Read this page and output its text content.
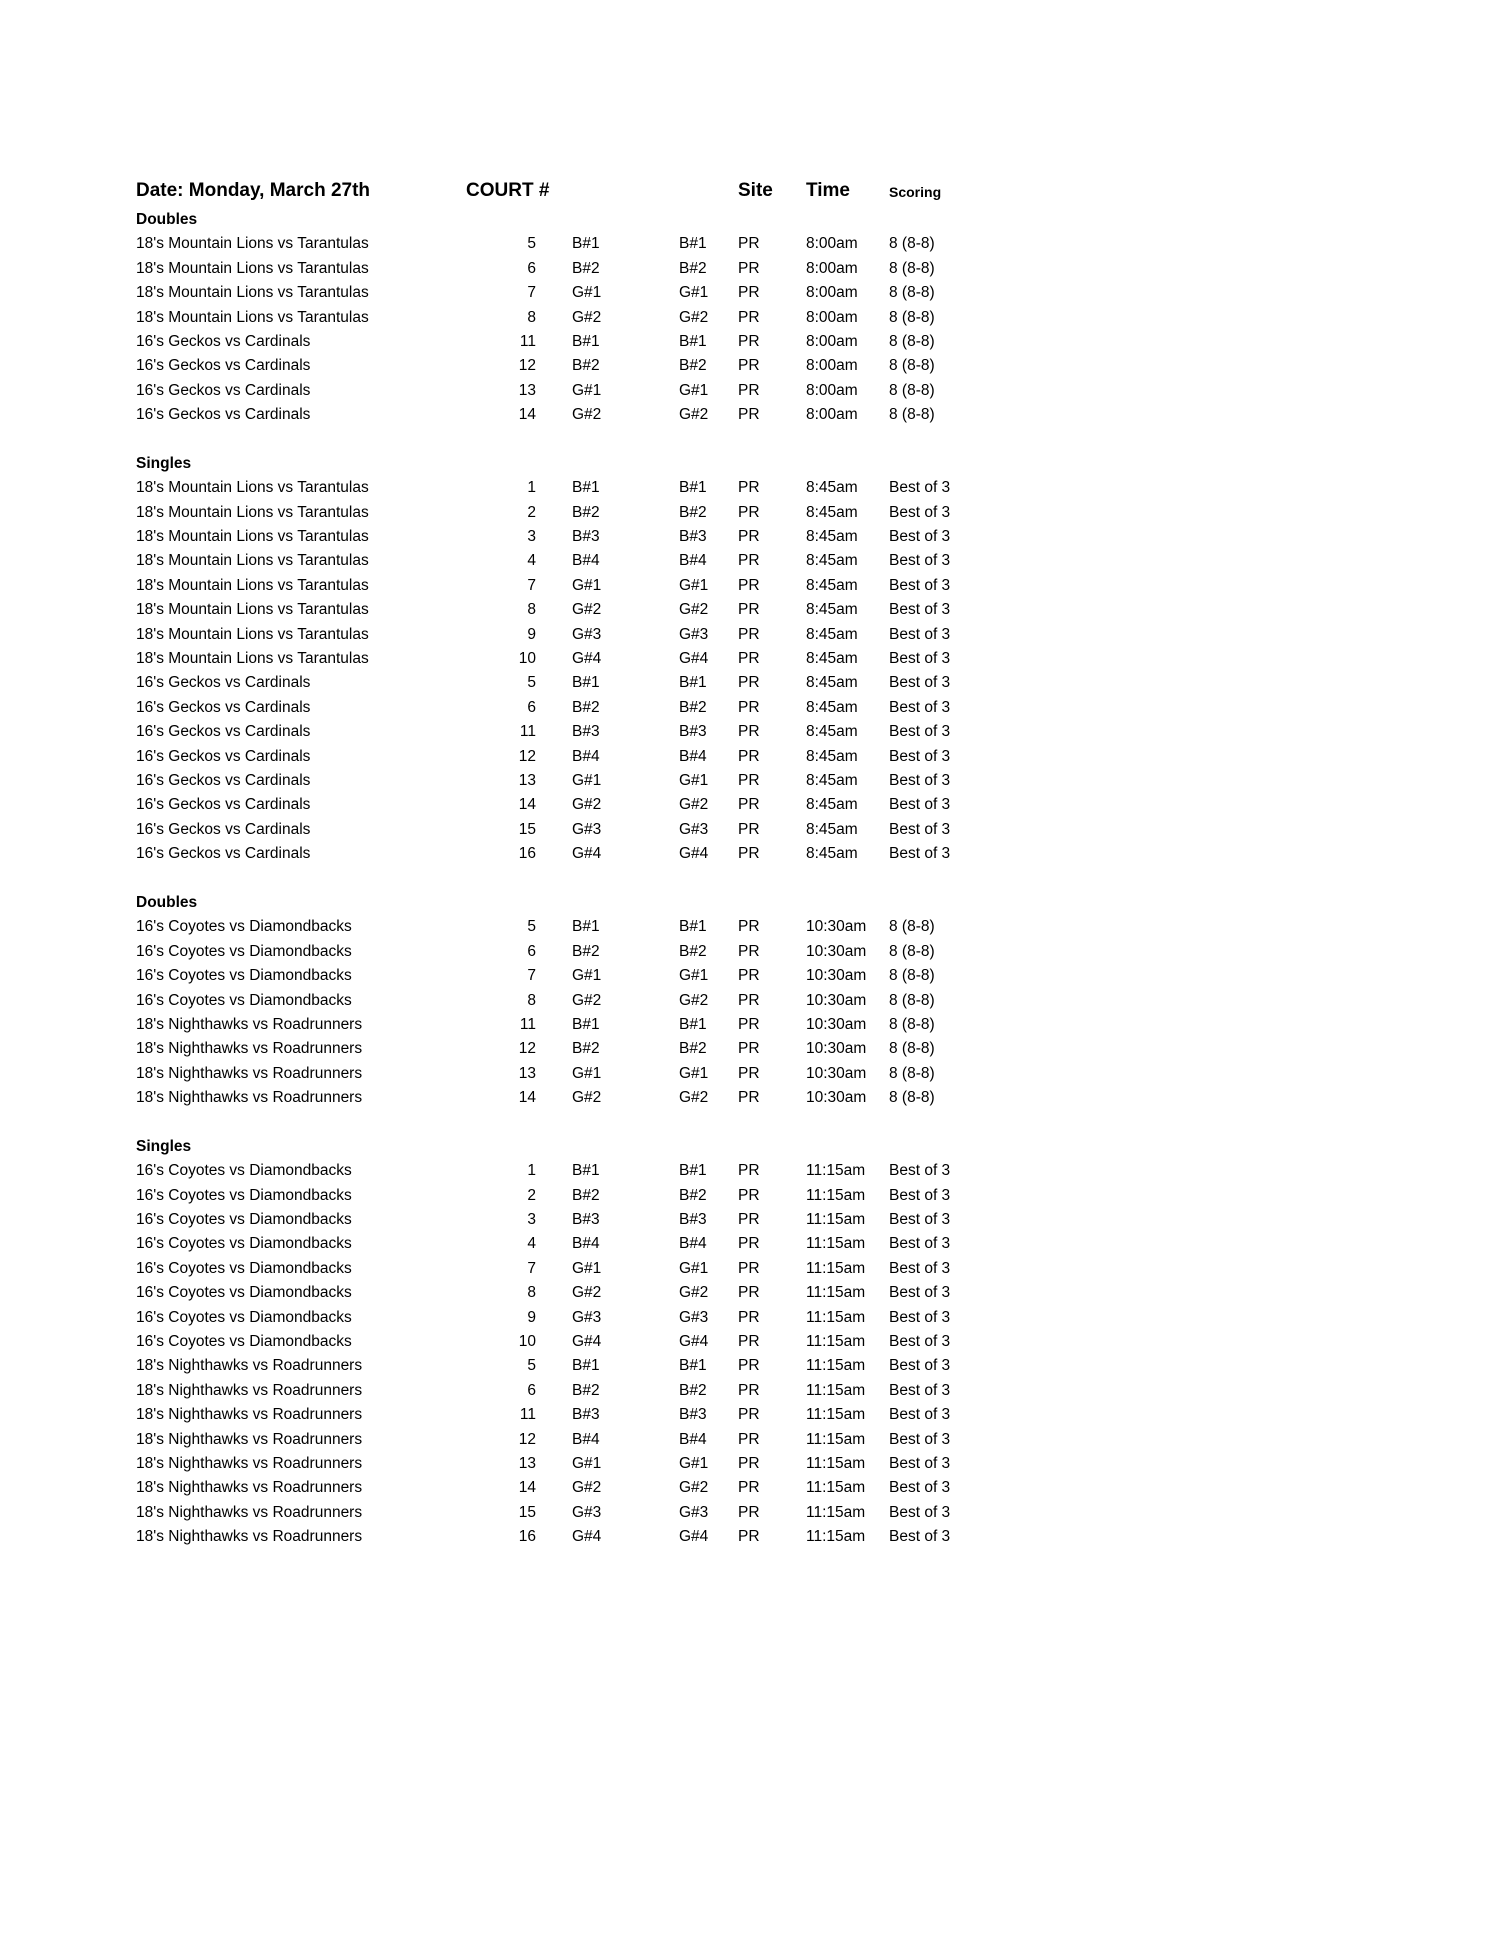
Date: Monday, March 27th	COURT #	Site Time	Scoring
Doubles
18's Mountain Lions vs Tarantulas	5 B#1	B#1 PR	8:00am 8 (8-8)
18's Mountain Lions vs Tarantulas	6 B#2	B#2 PR	8:00am 8 (8-8)
18's Mountain Lions vs Tarantulas	7 G#1	G#1 PR	8:00am 8 (8-8)
18's Mountain Lions vs Tarantulas	8 G#2	G#2 PR	8:00am 8 (8-8)
16's Geckos vs Cardinals	11 B#1	B#1 PR	8:00am 8 (8-8)
16's Geckos vs Cardinals	12 B#2	B#2 PR	8:00am 8 (8-8)
16's Geckos vs Cardinals	13 G#1	G#1 PR	8:00am 8 (8-8)
16's Geckos vs Cardinals	14 G#2	G#2 PR	8:00am 8 (8-8)
Singles
18's Mountain Lions vs Tarantulas	1 B#1	B#1 PR	8:45am Best of 3
18's Mountain Lions vs Tarantulas	2 B#2	B#2 PR	8:45am Best of 3
18's Mountain Lions vs Tarantulas	3 B#3	B#3 PR	8:45am Best of 3
18's Mountain Lions vs Tarantulas	4 B#4	B#4 PR	8:45am Best of 3
18's Mountain Lions vs Tarantulas	7 G#1	G#1 PR	8:45am Best of 3
18's Mountain Lions vs Tarantulas	8 G#2	G#2 PR	8:45am Best of 3
18's Mountain Lions vs Tarantulas	9 G#3	G#3 PR	8:45am Best of 3
18's Mountain Lions vs Tarantulas	10 G#4	G#4 PR	8:45am Best of 3
16's Geckos vs Cardinals	5 B#1	B#1 PR	8:45am Best of 3
16's Geckos vs Cardinals	6 B#2	B#2 PR	8:45am Best of 3
16's Geckos vs Cardinals	11 B#3	B#3 PR	8:45am Best of 3
16's Geckos vs Cardinals	12 B#4	B#4 PR	8:45am Best of 3
16's Geckos vs Cardinals	13 G#1	G#1 PR	8:45am Best of 3
16's Geckos vs Cardinals	14 G#2	G#2 PR	8:45am Best of 3
16's Geckos vs Cardinals	15 G#3	G#3 PR	8:45am Best of 3
16's Geckos vs Cardinals	16 G#4	G#4 PR	8:45am Best of 3
Doubles
16's Coyotes vs Diamondbacks	5 B#1	B#1 PR	10:30am 8 (8-8)
16's Coyotes vs Diamondbacks	6 B#2	B#2 PR	10:30am 8 (8-8)
16's Coyotes vs Diamondbacks	7 G#1	G#1 PR	10:30am 8 (8-8)
16's Coyotes vs Diamondbacks	8 G#2	G#2 PR	10:30am 8 (8-8)
18's Nighthawks vs Roadrunners	11 B#1	B#1 PR	10:30am 8 (8-8)
18's Nighthawks vs Roadrunners	12 B#2	B#2 PR	10:30am 8 (8-8)
18's Nighthawks vs Roadrunners	13 G#1	G#1 PR	10:30am 8 (8-8)
18's Nighthawks vs Roadrunners	14 G#2	G#2 PR	10:30am 8 (8-8)
Singles
16's Coyotes vs Diamondbacks	1 B#1	B#1 PR	11:15am Best of 3
16's Coyotes vs Diamondbacks	2 B#2	B#2 PR	11:15am Best of 3
16's Coyotes vs Diamondbacks	3 B#3	B#3 PR	11:15am Best of 3
16's Coyotes vs Diamondbacks	4 B#4	B#4 PR	11:15am Best of 3
16's Coyotes vs Diamondbacks	7 G#1	G#1 PR	11:15am Best of 3
16's Coyotes vs Diamondbacks	8 G#2	G#2 PR	11:15am Best of 3
16's Coyotes vs Diamondbacks	9 G#3	G#3 PR	11:15am Best of 3
16's Coyotes vs Diamondbacks	10 G#4	G#4 PR	11:15am Best of 3
18's Nighthawks vs Roadrunners	5 B#1	B#1 PR	11:15am Best of 3
18's Nighthawks vs Roadrunners	6 B#2	B#2 PR	11:15am Best of 3
18's Nighthawks vs Roadrunners	11 B#3	B#3 PR	11:15am Best of 3
18's Nighthawks vs Roadrunners	12 B#4	B#4 PR	11:15am Best of 3
18's Nighthawks vs Roadrunners	13 G#1	G#1 PR	11:15am Best of 3
18's Nighthawks vs Roadrunners	14 G#2	G#2 PR	11:15am Best of 3
18's Nighthawks vs Roadrunners	15 G#3	G#3 PR	11:15am Best of 3
18's Nighthawks vs Roadrunners	16 G#4	G#4 PR	11:15am Best of 3
